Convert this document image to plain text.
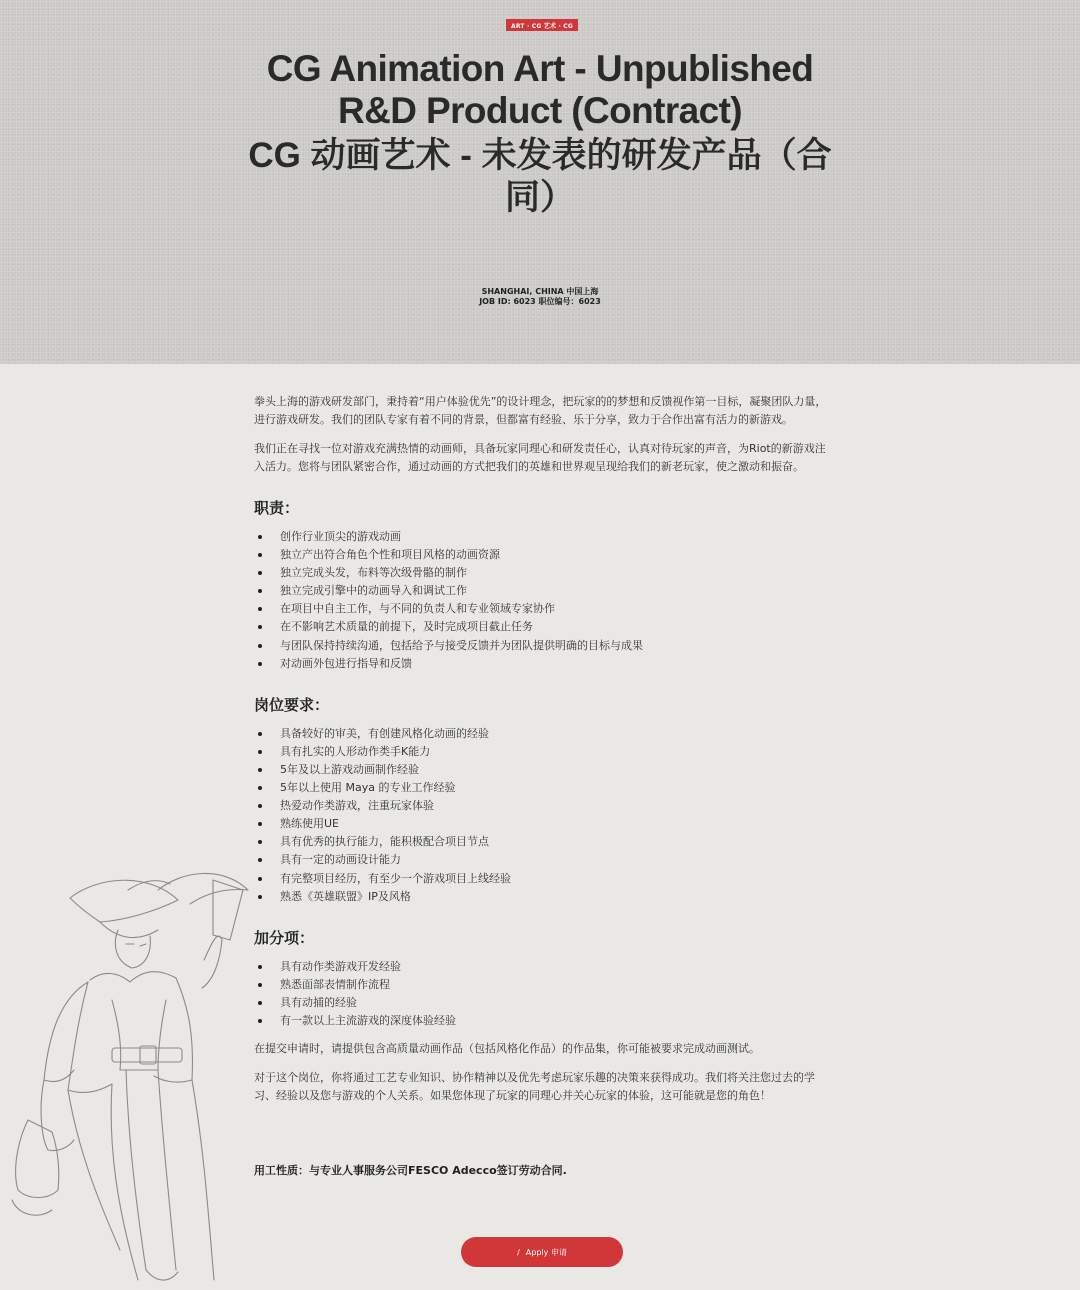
ART · CG 艺术 · CG
CG Animation Art - Unpublished R&D Product (Contract)
CG 动画艺术 - 未发表的研发产品（合同）
SHANGHAI, CHINA 中国上海
JOB ID: 6023 职位编号：6023

拳头上海的游戏研发部门，秉持着“用户体验优先”的设计理念，把玩家的的梦想和反馈视作第一目标，凝聚团队力量，进行游戏研发。我们的团队专家有着不同的背景，但都富有经验、乐于分享，致力于合作出富有活力的新游戏。

我们正在寻找一位对游戏充满热情的动画师，具备玩家同理心和研发责任心，认真对待玩家的声音，为Riot的新游戏注入活力。您将与团队紧密合作，通过动画的方式把我们的英雄和世界观呈现给我们的新老玩家，使之激动和振奋。

职责：
创作行业顶尖的游戏动画
独立产出符合角色个性和项目风格的动画资源
独立完成头发，布料等次级骨骼的制作
独立完成引擎中的动画导入和调试工作
在项目中自主工作，与不同的负责人和专业领域专家协作
在不影响艺术质量的前提下，及时完成项目截止任务
与团队保持持续沟通，包括给予与接受反馈并为团队提供明确的目标与成果
对动画外包进行指导和反馈
岗位要求：
具备较好的审美，有创建风格化动画的经验
具有扎实的人形动作类手K能力
5年及以上游戏动画制作经验
5年以上使用 Maya 的专业工作经验
热爱动作类游戏，注重玩家体验
熟练使用UE
具有优秀的执行能力，能积极配合项目节点
具有一定的动画设计能力
有完整项目经历，有至少一个游戏项目上线经验
熟悉《英雄联盟》IP及风格
加分项：
具有动作类游戏开发经验
熟悉面部表情制作流程
具有动捕的经验
有一款以上主流游戏的深度体验经验

在提交申请时，请提供包含高质量动画作品（包括风格化作品）的作品集，你可能被要求完成动画测试。

对于这个岗位，你将通过工艺专业知识、协作精神以及优先考虑玩家乐趣的决策来获得成功。我们将关注您过去的学习、经验以及您与游戏的个人关系。如果您体现了玩家的同理心并关心玩家的体验，这可能就是您的角色！

用工性质：与专业人事服务公司FESCO Adecco签订劳动合同.
/ Apply 申请
